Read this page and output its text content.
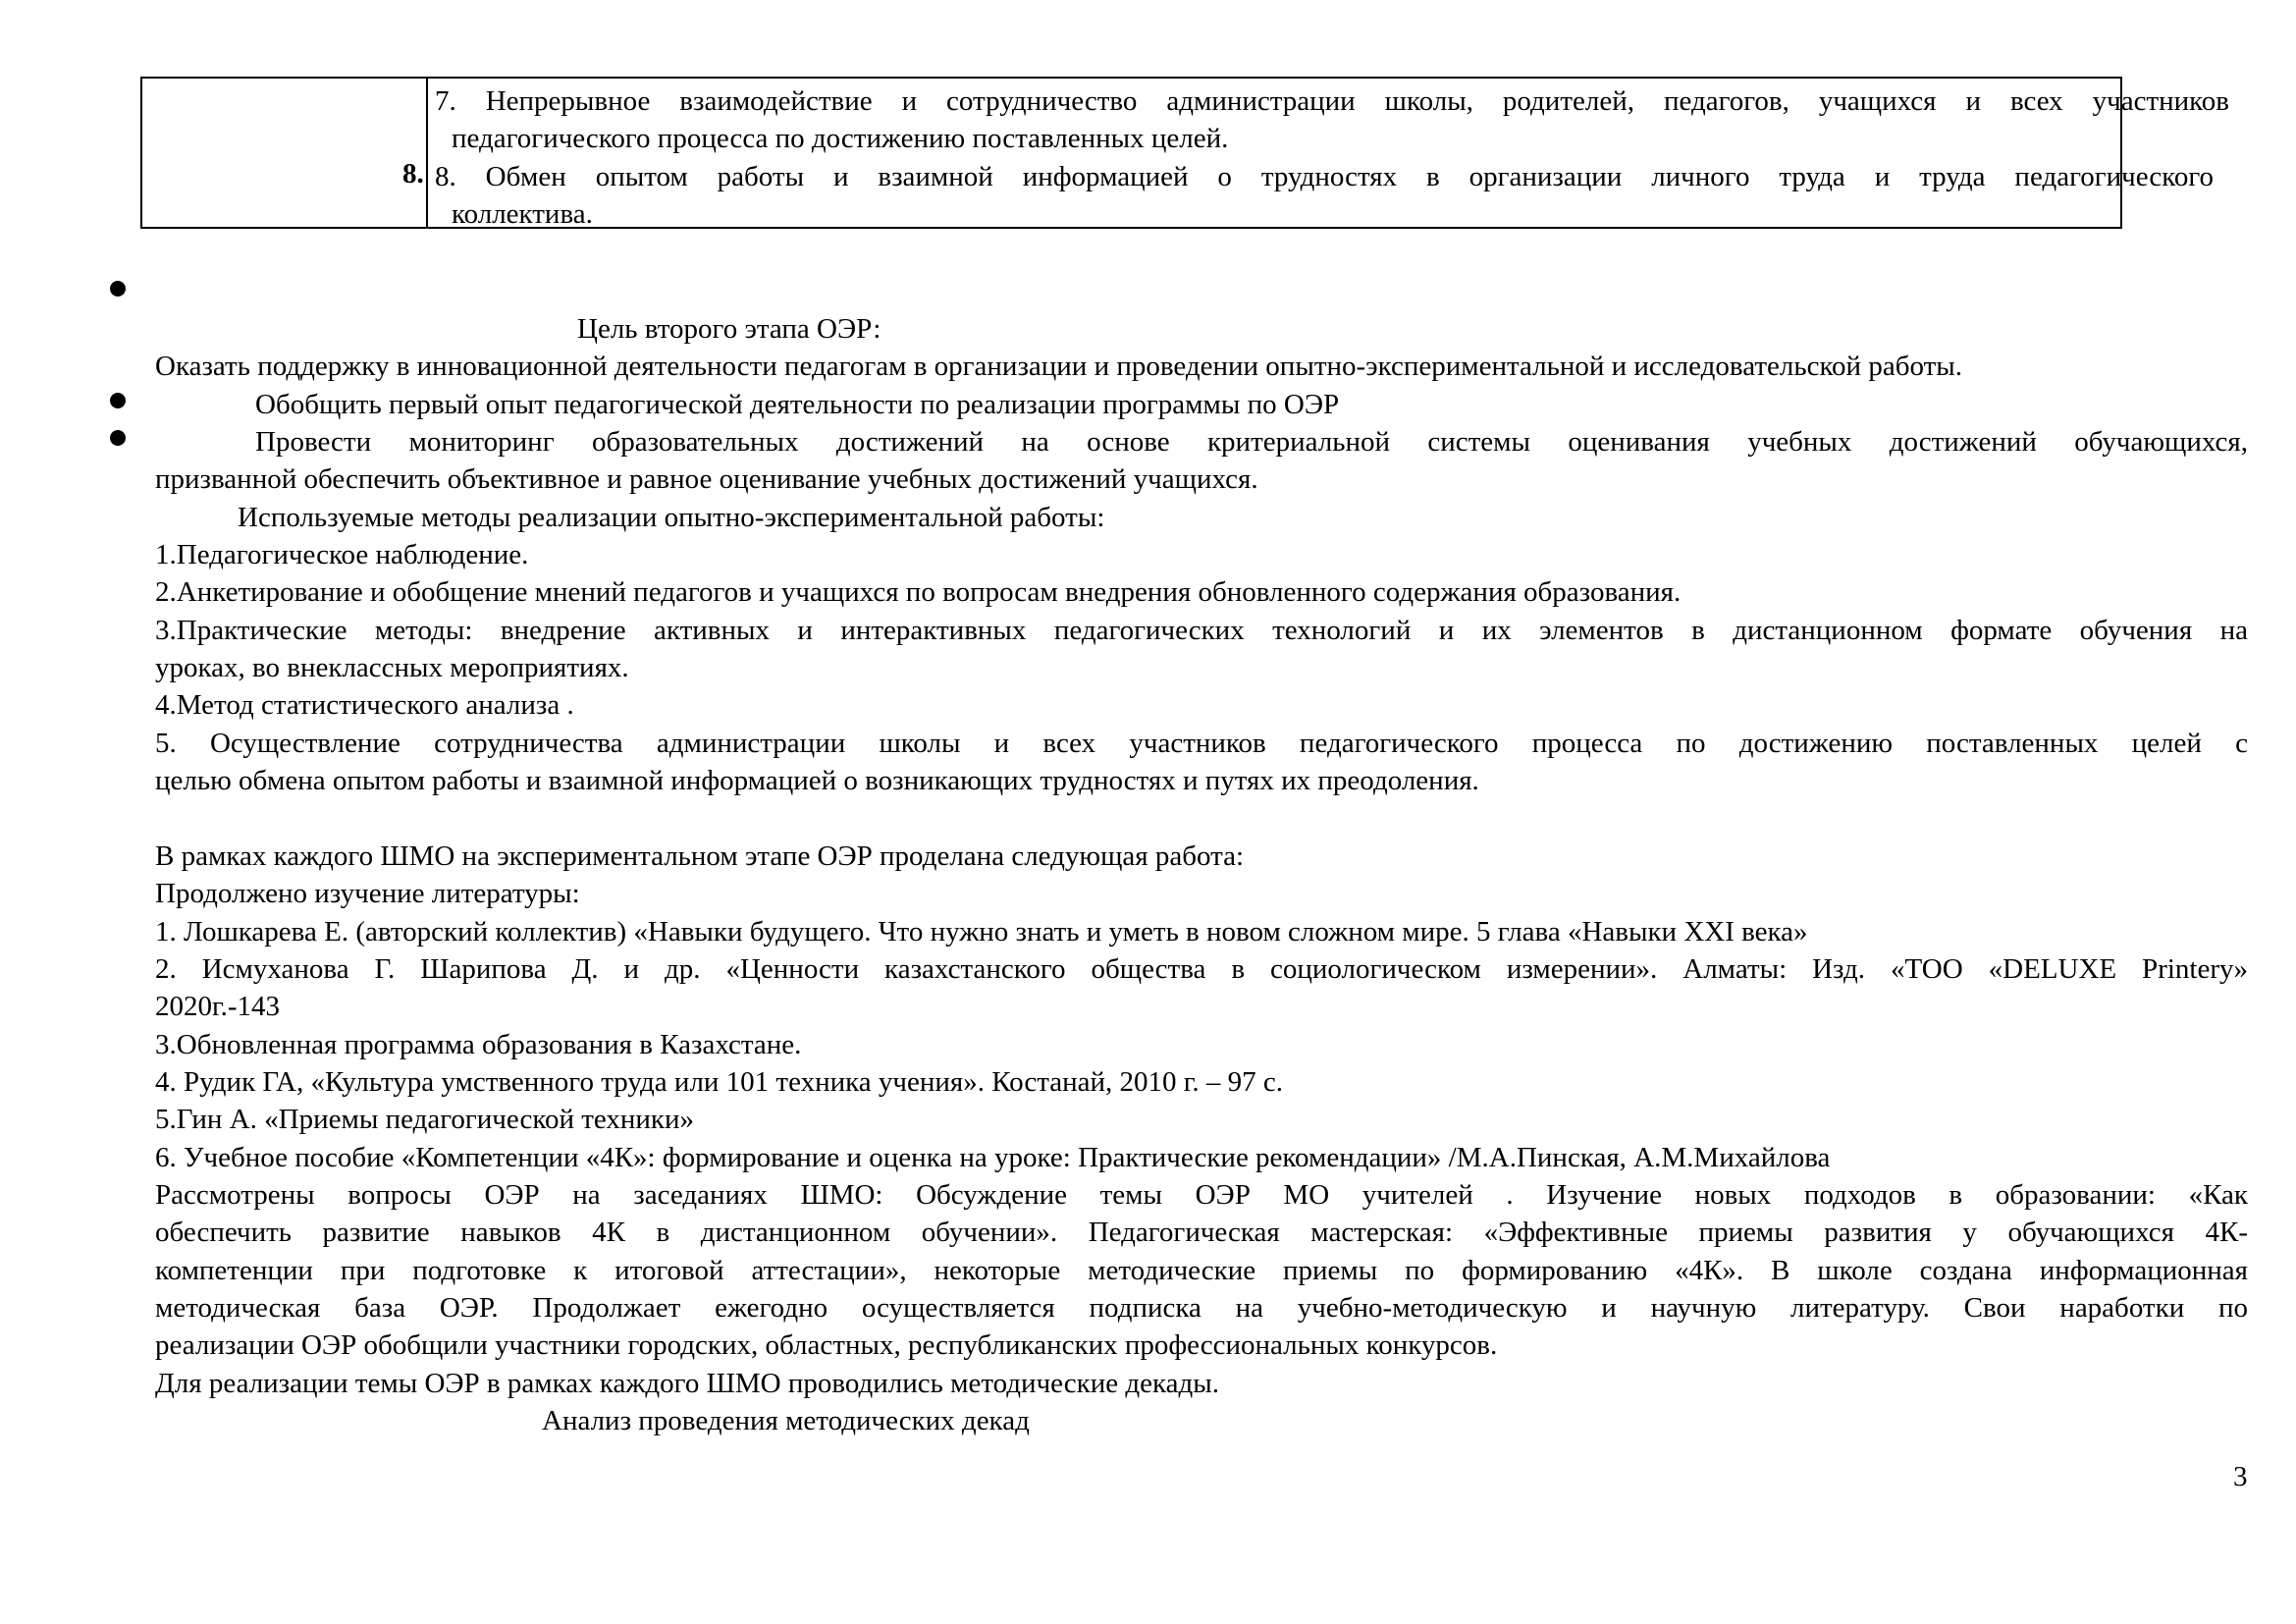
8.
7. Непрерывное взаимодействие и сотрудничество администрации школы, родителей, педагогов, учащихся и всех участников
педагогического процесса по достижению поставленных целей.
8. Обмен опытом работы и взаимной информацией о трудностях в организации личного труда и труда педагогического
коллектива.
Цель второго этапа ОЭР:
Оказать поддержку в инновационной деятельности педагогам в организации и проведении опытно-экспериментальной и исследовательской работы.
Обобщить первый опыт педагогической деятельности по реализации программы по ОЭР
Провести мониторинг образовательных достижений на основе критериальной системы оценивания учебных достижений обучающихся,
призванной обеспечить объективное и равное оценивание учебных достижений учащихся.
Используемые методы реализации опытно-экспериментальной работы:
1.Педагогическое наблюдение.
2.Анкетирование и обобщение мнений педагогов и учащихся по вопросам внедрения обновленного содержания образования.
3.Практические методы: внедрение активных и интерактивных педагогических технологий и их элементов в дистанционном формате обучения на
уроках, во внеклассных мероприятиях.
4.Метод статистического анализа .
5. Осуществление сотрудничества администрации школы и всех участников педагогического процесса по достижению поставленных целей с
целью обмена опытом работы и взаимной информацией о возникающих трудностях и путях их преодоления.
В рамках каждого ШМО на экспериментальном этапе ОЭР проделана следующая работа:
Продолжено изучение литературы:
1. Лошкарева Е. (авторский коллектив) «Навыки будущего. Что нужно знать и уметь в новом сложном мире. 5 глава «Навыки XXI века»
2. Исмуханова Г. Шарипова Д. и др. «Ценности казахстанского общества в социологическом измерении». Алматы: Изд. «ТОО «DELUXE Printery»
2020г.-143
3.Обновленная программа образования в Казахстане.
4. Рудик ГА, «Культура умственного труда или 101 техника учения». Костанай, 2010 г. – 97 с.
5.Гин А. «Приемы педагогической техники»
6. Учебное пособие «Компетенции «4К»: формирование и оценка на уроке: Практические рекомендации» /М.А.Пинская, А.М.Михайлова
Рассмотрены вопросы ОЭР на заседаниях ШМО: Обсуждение темы ОЭР МО учителей . Изучение новых подходов в образовании: «Как
обеспечить развитие навыков 4К в дистанционном обучении». Педагогическая мастерская: «Эффективные приемы развития у обучающихся 4К-
компетенции при подготовке к итоговой аттестации», некоторые методические приемы по формированию «4К». В школе создана информационная
методическая база ОЭР. Продолжает ежегодно осуществляется подписка на учебно-методическую и научную литературу. Свои наработки по
реализации ОЭР обобщили участники городских, областных, республиканских профессиональных конкурсов.
Для реализации темы ОЭР в рамках каждого ШМО проводились методические декады.
Анализ проведения методических декад
3
